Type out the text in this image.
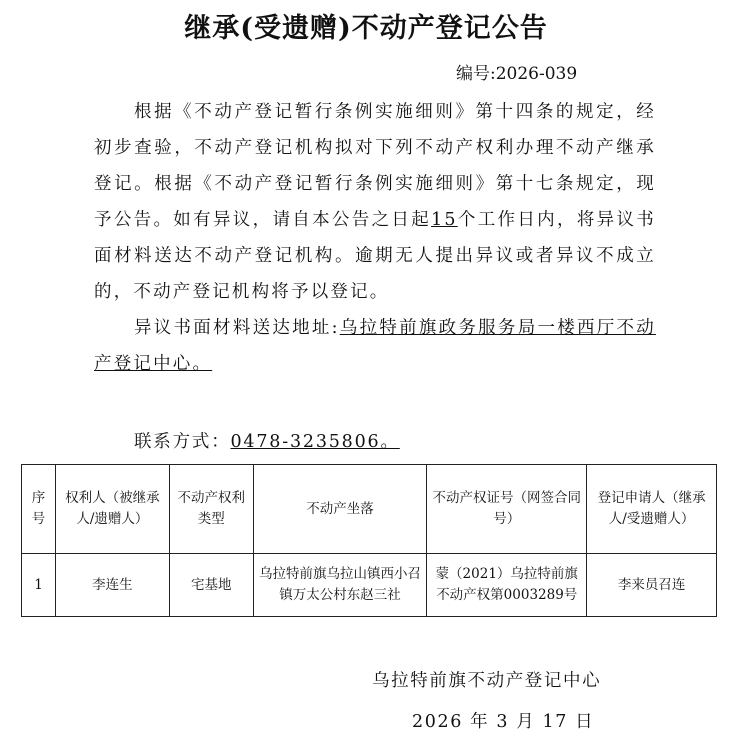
继承(受遗赠)不动产登记公告
编号:2026-039

根据《不动产登记暂行条例实施细则》第十四条的规定，经初步查验，不动产登记机构拟对下列不动产权利办理不动产继承登记。根据《不动产登记暂行条例实施细则》第十七条规定，现予公告。如有异议，请自本公告之日起15个工作日内，将异议书面材料送达不动产登记机构。逾期无人提出异议或者异议不成立的，不动产登记机构将予以登记。

异议书面材料送达地址:乌拉特前旗政务服务局一楼西厅不动产登记中心。

联系方式：0478-3235806。
序号	权利人（被继承人/遗赠人）	不动产权利类型	不动产坐落	不动产权证号（网签合同号）	登记申请人（继承人/受遗赠人）
1	李连生	宅基地	乌拉特前旗乌拉山镇西小召镇万太公村东赵三社	蒙（2021）乌拉特前旗不动产权第0003289号	李来员召连
乌拉特前旗不动产登记中心
2026 年 3 月 17 日
